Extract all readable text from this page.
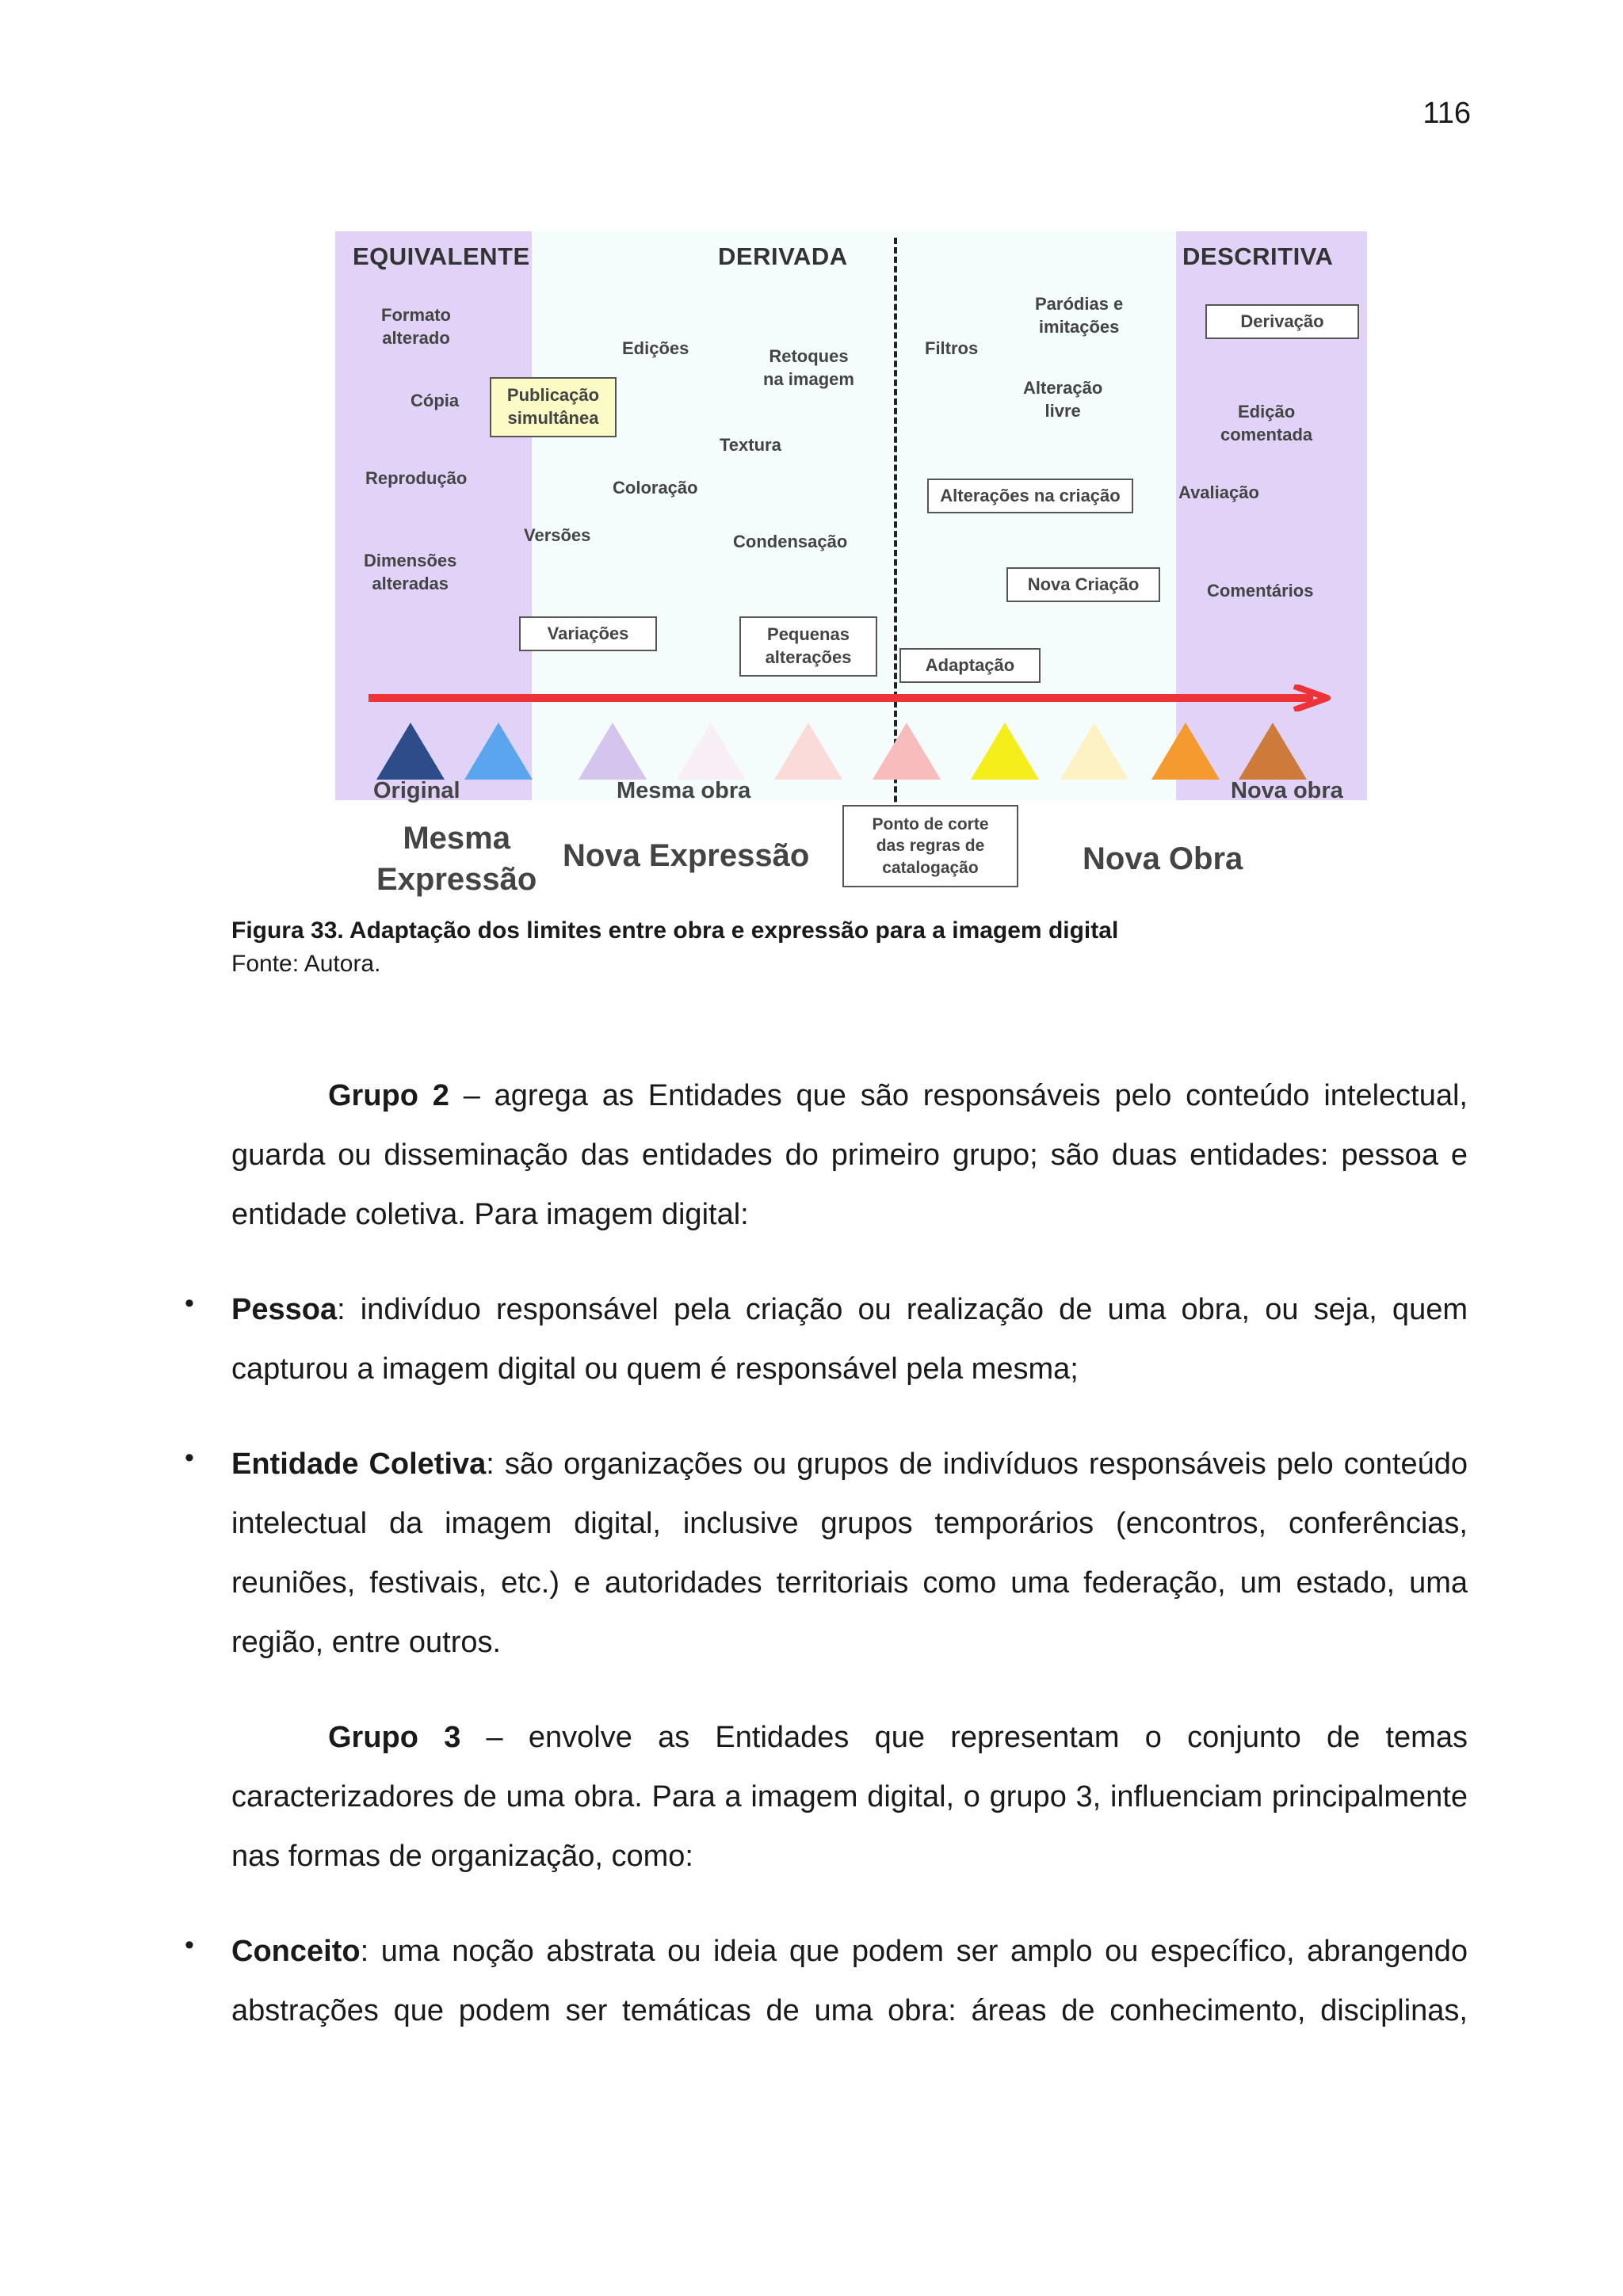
116
EQUIVALENTE	DERIVADA	DESCRITIVA
Formato
alterado
Cópia
Reprodução
Dimensões
alteradas
Edições	Retoques
na imagem
Textura
Coloração
Versões	Condensação
Filtros
Paródias e
imitações
Alteração
livre	Edição
comentada
Avaliação
Comentários
Publicação
simultânea
Variações	Pequenas
alterações
Alterações na criação
Nova Criação
Adaptação
Derivação
Ponto de corte
das regras de
catalogação
Original	Mesma obra	Nova obra
Mesma
Expressão
Nova Expressão	Nova Obra
Figura 33. Adaptação dos limites entre obra e expressão para a imagem digital
Fonte: Autora.
Grupo 2 – agrega as Entidades que são responsáveis pelo conteúdo intelectual, guarda ou disseminação das entidades do primeiro grupo; são duas entidades: pessoa e entidade coletiva. Para imagem digital:
• Pessoa: indivíduo responsável pela criação ou realização de uma obra, ou seja, quem capturou a imagem digital ou quem é responsável pela mesma;
• Entidade Coletiva: são organizações ou grupos de indivíduos responsáveis pelo conteúdo intelectual da imagem digital, inclusive grupos temporários (encontros, conferências, reuniões, festivais, etc.) e autoridades territoriais como uma federação, um estado, uma região, entre outros.
Grupo 3 – envolve as Entidades que representam o conjunto de temas caracterizadores de uma obra. Para a imagem digital, o grupo 3, influenciam principalmente nas formas de organização, como:
• Conceito: uma noção abstrata ou ideia que podem ser amplo ou específico, abrangendo abstrações que podem ser temáticas de uma obra: áreas de conhecimento, disciplinas,
